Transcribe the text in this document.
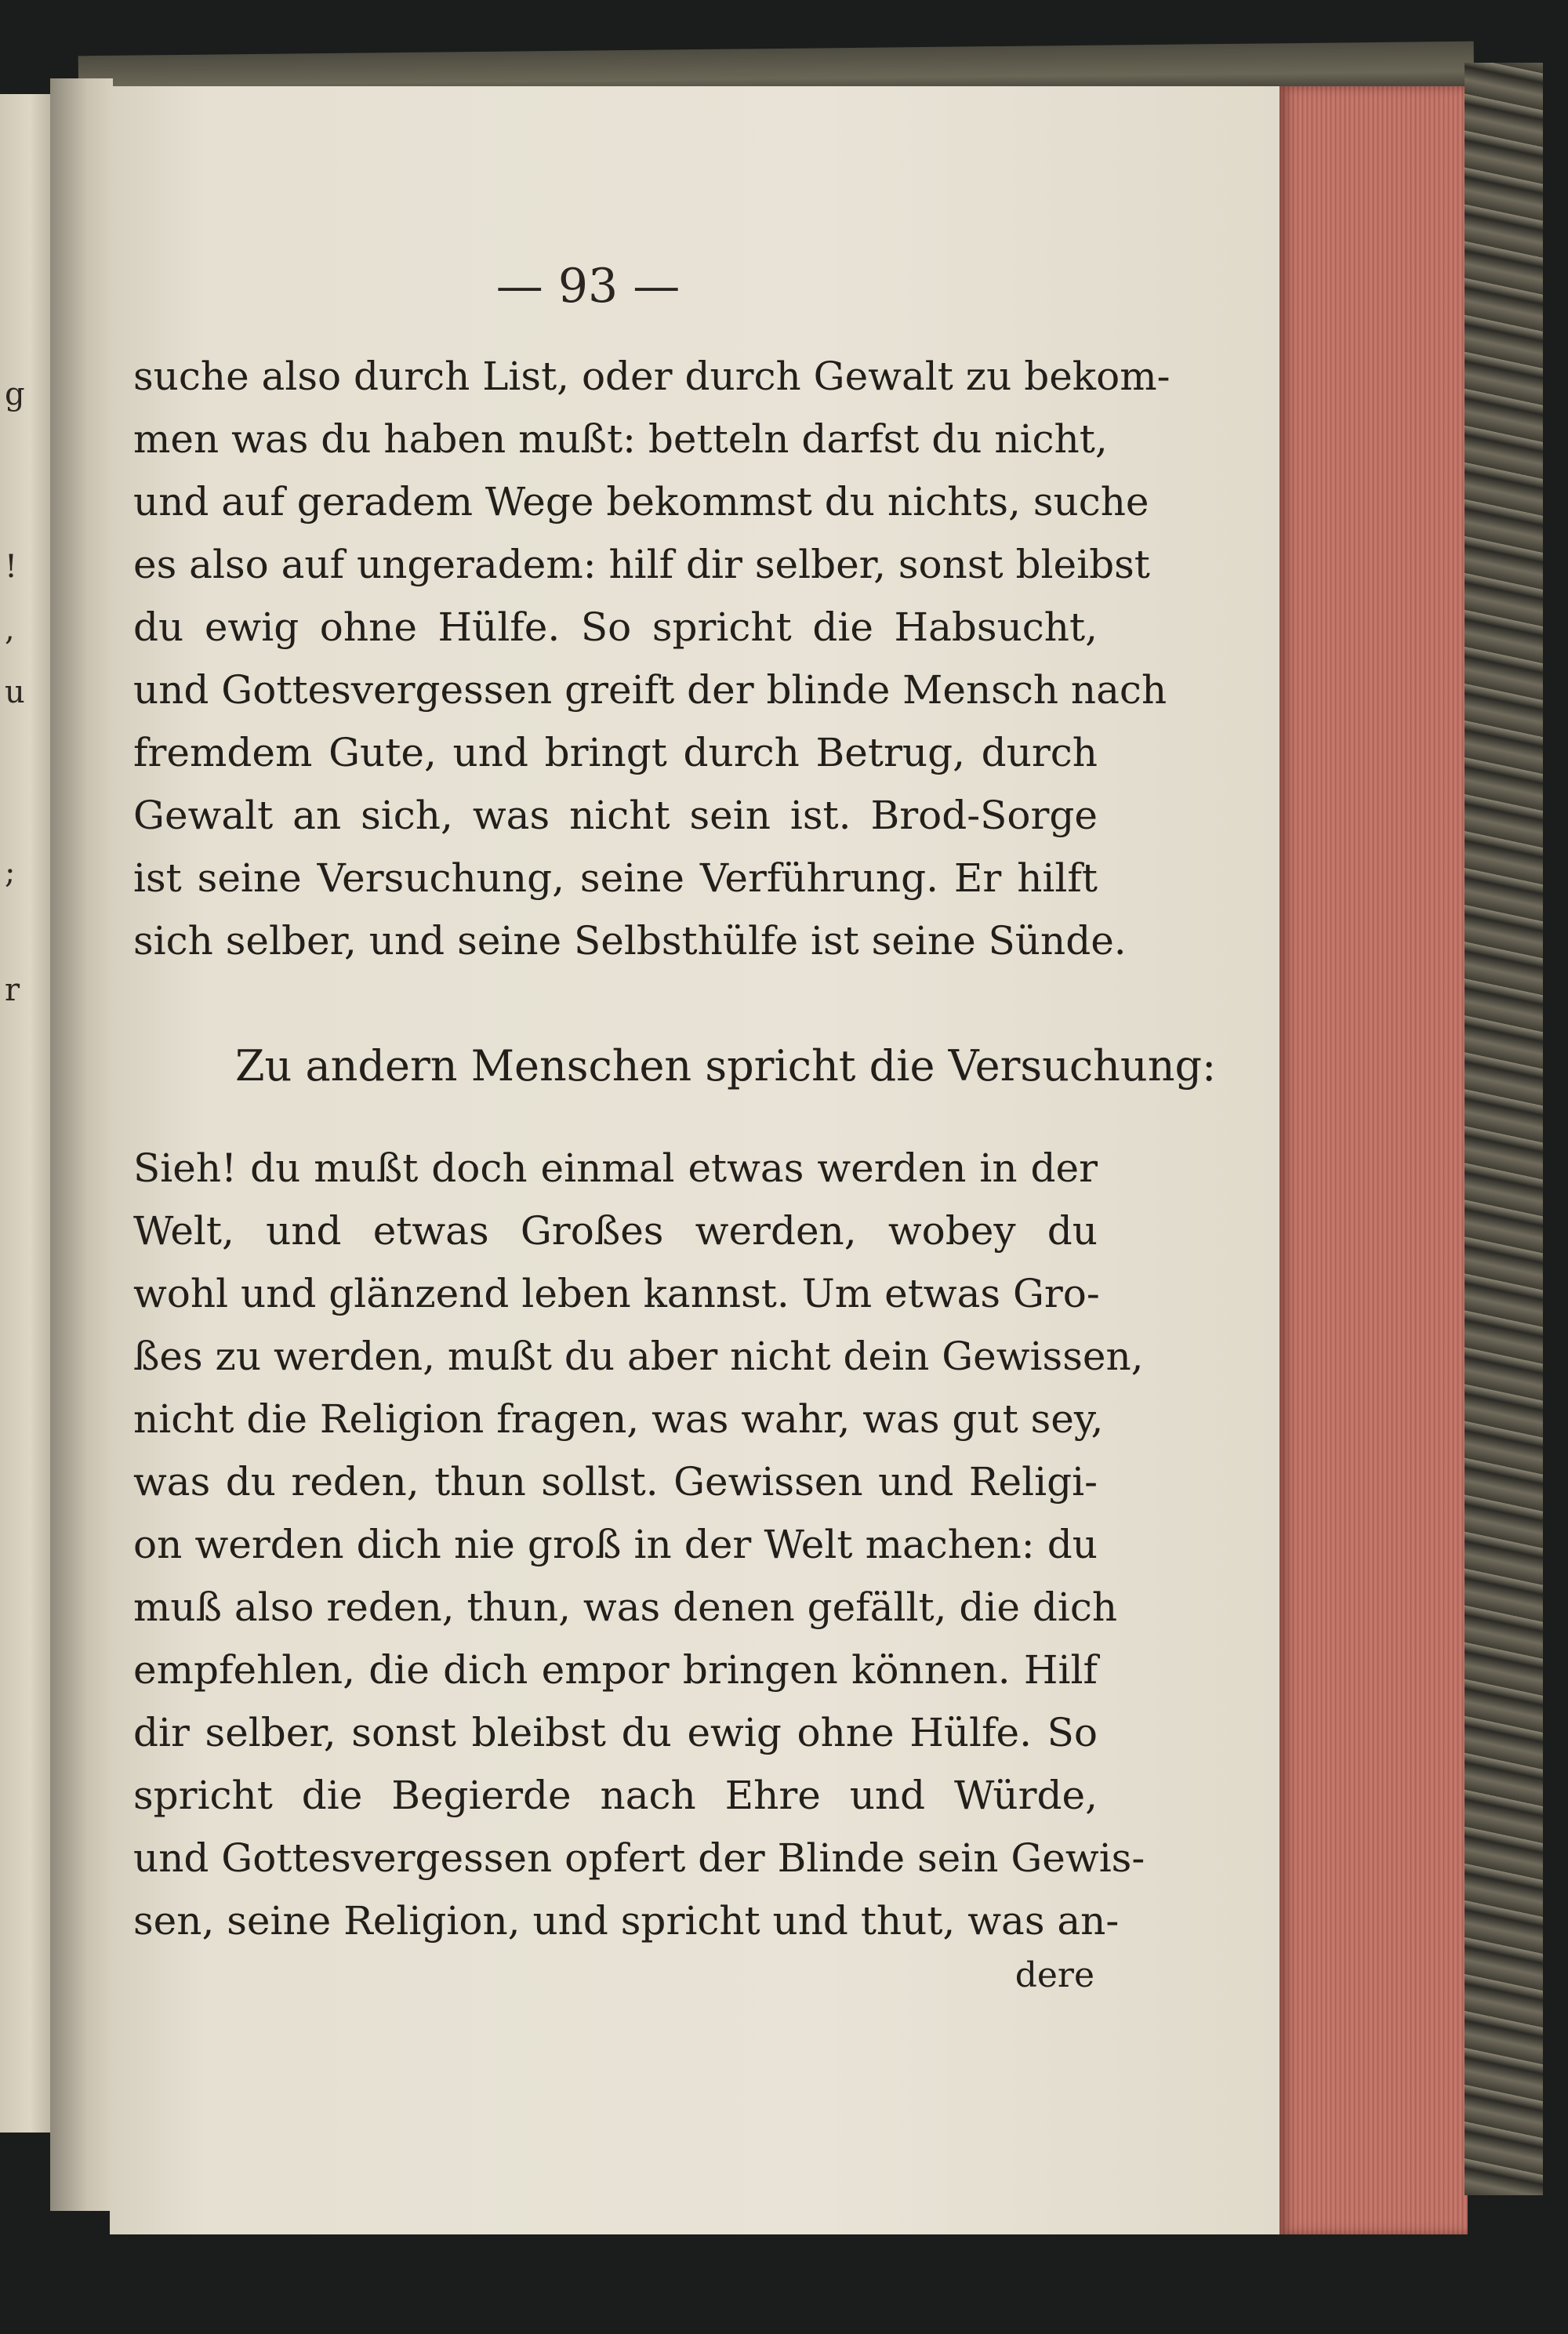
g
!
,
u
;
r
— 93 —
suche also durch List, oder durch Gewalt zu bekom-
men was du haben mußt: betteln darfst du nicht,
und auf geradem Wege bekommst du nichts, suche
es also auf ungeradem: hilf dir selber, sonst bleibst
du ewig ohne Hülfe. So spricht die Habsucht,
und Gottesvergessen greift der blinde Mensch nach
fremdem Gute, und bringt durch Betrug, durch
Gewalt an sich, was nicht sein ist. Brod-Sorge
ist seine Versuchung, seine Verführung. Er hilft
sich selber, und seine Selbsthülfe ist seine Sünde.
Zu andern Menschen spricht die Versuchung:
Sieh! du mußt doch einmal etwas werden in der
Welt, und etwas Großes werden, wobey du
wohl und glänzend leben kannst. Um etwas Gro-
ßes zu werden, mußt du aber nicht dein Gewissen,
nicht die Religion fragen, was wahr, was gut sey,
was du reden, thun sollst. Gewissen und Religi-
on werden dich nie groß in der Welt machen: du
muß also reden, thun, was denen gefällt, die dich
empfehlen, die dich empor bringen können. Hilf
dir selber, sonst bleibst du ewig ohne Hülfe. So
spricht die Begierde nach Ehre und Würde,
und Gottesvergessen opfert der Blinde sein Gewis-
sen, seine Religion, und spricht und thut, was an-
dere
